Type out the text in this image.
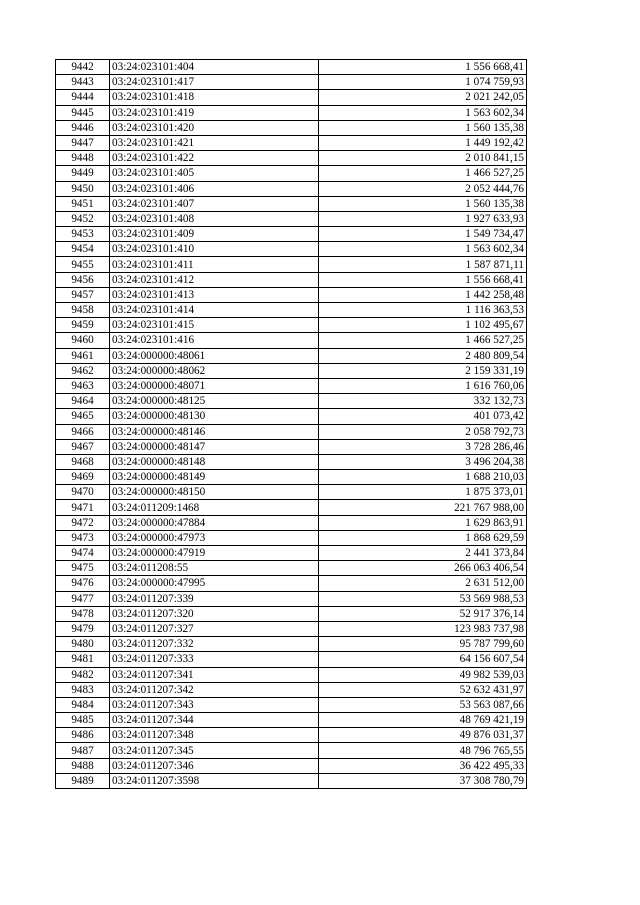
9442	03:24:023101:404	1 556 668,41
9443	03:24:023101:417	1 074 759,93
9444	03:24:023101:418	2 021 242,05
9445	03:24:023101:419	1 563 602,34
9446	03:24:023101:420	1 560 135,38
9447	03:24:023101:421	1 449 192,42
9448	03:24:023101:422	2 010 841,15
9449	03:24:023101:405	1 466 527,25
9450	03:24:023101:406	2 052 444,76
9451	03:24:023101:407	1 560 135,38
9452	03:24:023101:408	1 927 633,93
9453	03:24:023101:409	1 549 734,47
9454	03:24:023101:410	1 563 602,34
9455	03:24:023101:411	1 587 871,11
9456	03:24:023101:412	1 556 668,41
9457	03:24:023101:413	1 442 258,48
9458	03:24:023101:414	1 116 363,53
9459	03:24:023101:415	1 102 495,67
9460	03:24:023101:416	1 466 527,25
9461	03:24:000000:48061	2 480 809,54
9462	03:24:000000:48062	2 159 331,19
9463	03:24:000000:48071	1 616 760,06
9464	03:24:000000:48125	332 132,73
9465	03:24:000000:48130	401 073,42
9466	03:24:000000:48146	2 058 792,73
9467	03:24:000000:48147	3 728 286,46
9468	03:24:000000:48148	3 496 204,38
9469	03:24:000000:48149	1 688 210,03
9470	03:24:000000:48150	1 875 373,01
9471	03:24:011209:1468	221 767 988,00
9472	03:24:000000:47884	1 629 863,91
9473	03:24:000000:47973	1 868 629,59
9474	03:24:000000:47919	2 441 373,84
9475	03:24:011208:55	266 063 406,54
9476	03:24:000000:47995	2 631 512,00
9477	03:24:011207:339	53 569 988,53
9478	03:24:011207:320	52 917 376,14
9479	03:24:011207:327	123 983 737,98
9480	03:24:011207:332	95 787 799,60
9481	03:24:011207:333	64 156 607,54
9482	03:24:011207:341	49 982 539,03
9483	03:24:011207:342	52 632 431,97
9484	03:24:011207:343	53 563 087,66
9485	03:24:011207:344	48 769 421,19
9486	03:24:011207:348	49 876 031,37
9487	03:24:011207:345	48 796 765,55
9488	03:24:011207:346	36 422 495,33
9489	03:24:011207:3598	37 308 780,79
